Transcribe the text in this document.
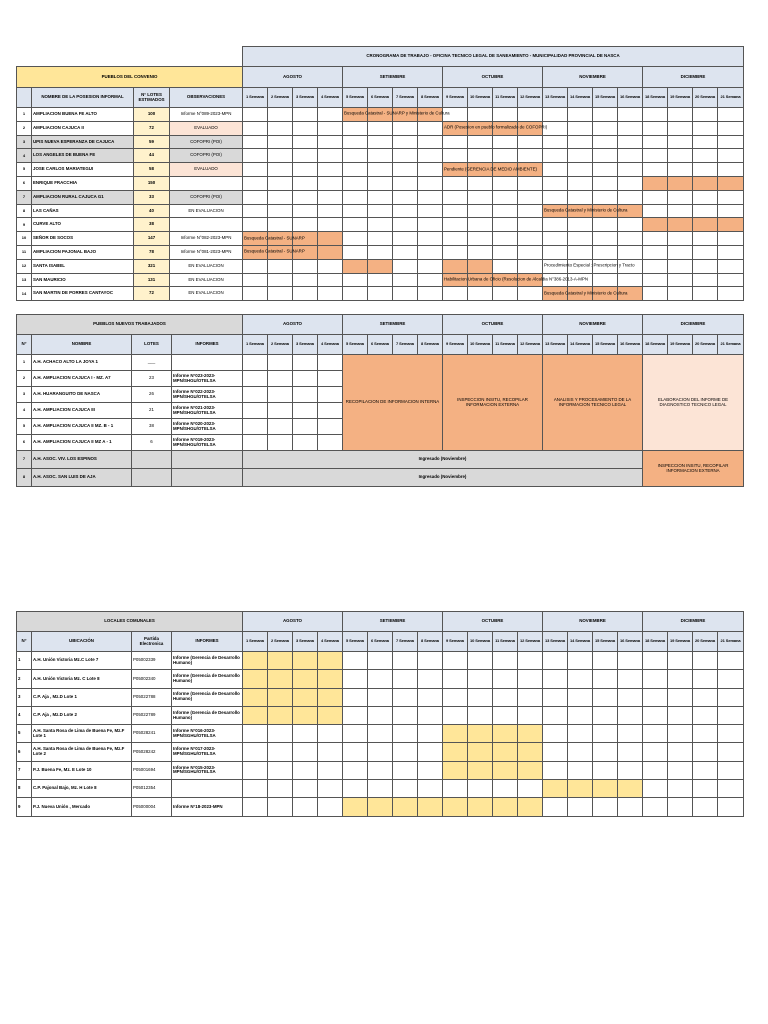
				CRONOGRAMA DE TRABAJO - OFICINA TECNICO LEGAL DE SANEAMIENTO - MUNICIPALIDAD PROVINCIAL DE NASCA																			
PUEBLOS DEL CONVENIO				AGOSTO				SETIEMBRE				OCTUBRE				NOVIEMBRE				DICIEMBRE			
	NOMBRE DE LA POSESION INFORMAL	N° LOTES ESTIMADOS	OBSERVACIONES	1 Semana	2 Semana	3 Semana	4 Semana	5 Semana	6 Semana	7 Semana	8 Semana	9 Semana	10 Semana	11 Semana	12 Semana	13 Semana	14 Semana	15 Semana	16 Semana	18 Semana	19 Semana	20 Semana	21 Semana
1	AMPLIACION BUENA FE ALTO	100	Informe N°089-2023-MPN					Busqueda Catastral - SUNARP y Ministerio de Cultura															

2	AMPLIACION CAJUCA II	72	EVALUADO									ADR (Posesion en pueblo formalizado de COFOPRI)											

3	UPIS NUEVA ESPERANZA DE CAJUCA	59	COFOPRI (POI)																				
4	LOS ANGELES DE BUENA FE	44	COFOPRI (POI)																				
5	JOSE CARLOS MARIATEGUI	58	EVALUADO									Pendiente (GERENCIA DE MEDIO AMBIENTE)											

6	ENRIQUE FRACCHIA	150																					
7	AMPLIACION RURAL CAJUCA G1	33	COFOPRI (POI)																				
8	LAS CAÑAS	40	EN EVALUACION													Busqueda Catastral y Ministerio de Cultura							

9	CURVE ALTO	38																					
10	SEÑOR DE SOCOS	147	Informe N°082-2023-MPN	Busqueda Catastral - SUNARP																			

11	AMPLIACION PAJONAL BAJO	78	Informe N°081-2023-MPN	Busqueda Catastral - SUNARP																			

12	SANTA ISABEL	321	EN EVALUACION													Procedimiento Especial : Prescripcion y Tracto							

13	SAN MAURICIO	131	EN EVALUACION									Habilitacion Urbana de Oficio (Resolucion de Alcaldia N°386-2013-A-MPN											

14	SAN MARTIN DE PORRES CANTAYOC	72	EN EVALUACION													Busqueda Catastral y Ministerio de Cultura							

PUEBLOS NUEVOS TRABAJADOS				AGOSTO				SETIEMBRE				OCTUBRE				NOVIEMBRE				DICIEMBRE			
N°	NOMBRE	LOTES	INFORMES	1 Semana	2 Semana	3 Semana	4 Semana	5 Semana	6 Semana	7 Semana	8 Semana	9 Semana	10 Semana	11 Semana	12 Semana	13 Semana	14 Semana	15 Semana	16 Semana	18 Semana	19 Semana	20 Semana	21 Semana
1	A.H. ACHACO ALTO LA JOYA 1	___						RECOPILACION DE INFORMACION INTERNA				INSPECCION INSITU, RECOPILAR INFORMACION EXTERNA				ANALISIS Y PROCESAMIENTO DE LA INFORMACION TECNICO LEGAL				ELABORACION DEL INFORME DE DIAGNOSTICO TECNICO LEGAL			
2	A.H. AMPLIACION CAJUCA I - MZ. A7	23	Informe N°023-2023-MPN/SHGU/OTELSA																				
3	A.H. HUARANGUITO DE NASCA	26	Informe N°022-2023-MPN/SHGU/OTELSA																				
4	A.H. AMPLIACION CAJUCA III	21	Informe N°021-2023-MPN/SHGU/OTELSA																				
5	A.H. AMPLIACION CAJUCA II MZ. B - 1	38	Informe N°020-2023-MPN/SHGU/OTELSA																				
6	A.H. AMPLIACION CAJUCA II MZ A - 1	6	Informe N°019-2023-MPN/SHGU/OTELSA																				
7	A.H. ASOC. VIV. LOS ESPINOS			Ingresado (Noviembre)																INSPECCION INSITU, RECOPILAR INFORMACION EXTERNA			
8	A.H. ASOC. SAN LUIS DE AJA			Ingresado (Noviembre)																			
LOCALES COMUNALES				AGOSTO				SETIEMBRE				OCTUBRE				NOVIEMBRE				DICIEMBRE			
N°	UBICACIÓN	Partida Electronica	INFORMES	1 Semana	2 Semana	3 Semana	4 Semana	5 Semana	6 Semana	7 Semana	8 Semana	9 Semana	10 Semana	11 Semana	12 Semana	13 Semana	14 Semana	15 Semana	16 Semana	18 Semana	19 Semana	20 Semana	21 Semana
1	A.H. Unión Victoria Mz.C Lote 7	P05002339	Informe (Gerencia de Desarrollo Humano)																				
2	A.H. Unión Victoria Mz. C Lote 8	P05002340	Informe (Gerencia de Desarrollo Humano)																				
3	C.P. Aja , Mz.D Lote 1	P05022788	Informe (Gerencia de Desarrollo Humano)																				
4	C.P. Aja , Mz.D Lote 2	P05022789	Informe (Gerencia de Desarrollo Humano)																				
5	A.H. Santa Rosa de Lima de Buena Fe, Mz.F Lote 1	P05028241	Informe N°016-2023-MPN/SGHU/OTELSA																				
6	A.H. Santa Rosa de Lima de Buena Fe, Mz.F Lote 2	P05028242	Informe N°017-2023-MPN/SGHU/OTELSA																				
7	P.J. Buena Fe, Mz. E Lote 10	P05001694	Informe N°015-2023-MPN/SGHU/OTELSA																				
8	C.P. Pajonal Bajo, Mz. H Lote 8	P05012354																					
9	P.J. Nueva Unión , Mercado	P05000004	Informe N°18-2023-MPN																				
